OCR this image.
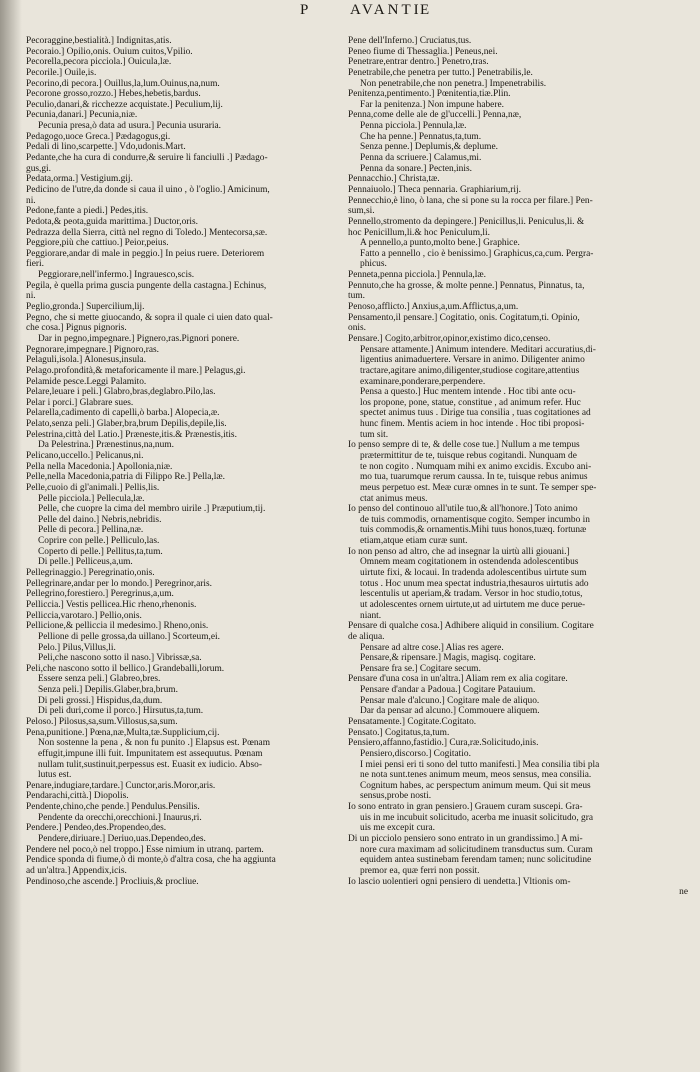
P	AVANTI
E
Pecoraggine,bestialità.] Indignitas,atis.
Pecoraio.] Opilio,onis. Ouium cuitos,Vpilio.
Pecorella,pecora picciola.] Ouicula,læ.
Pecorile.] Ouile,is.
Pecorino,di pecora.] Ouillus,la,lum.Ouinus,na,num.
Pecorone grosso,rozzo.] Hebes,hebetis,bardus.
Peculio,danari,& ricchezze acquistate.] Peculium,lij.
Pecunia,danari.] Pecunia,niæ.
Pecunia presa,ò data ad usura.] Pecunia usuraria.
Pedagogo,uoce Greca.] Pædagogus,gi.
Pedali di lino,scarpette.] Vdo,udonis.Mart.
Pedante,che ha cura di condurre,& seruire li fanciulli .] Pædago-
gus,gi.
Pedata,orma.] Vestigium.gij.
Pedicino de l'utre,da donde si caua il uino , ò l'oglio.] Amicinum,
ni.
Pedone,fante a piedi.] Pedes,itis.
Pedota,& peota,guida marittima.] Ductor,oris.
Pedrazza della Sierra, città nel regno di Toledo.] Mentecorsa,sæ.
Peggiore,più che cattiuo.] Peior,peius.
Peggiorare,andar di male in peggio.] In peius ruere. Deteriorem
fieri.
Peggiorare,nell'infermo.] Ingrauesco,scis.
Pegila, è quella prima guscia pungente della castagna.] Echinus,
ni.
Peglio,gronda.] Supercilium,lij.
Pegno, che si mette giuocando, & sopra il quale ci uien dato qual-
che cosa.] Pignus pignoris.
Dar in pegno,impegnare.] Pignero,ras.Pignori ponere.
Pegnorare,impegnare.] Pignoro,ras.
Pelaguli,isola.] Alonesus,insula.
Pelago.profondità,& metaforicamente il mare.] Pelagus,gi.
Pelamide pesce.Leggi Palamito.
Pelare,leuare i peli.] Glabro,bras,deglabro.Pilo,las.
Pelar i porci.] Glabrare sues.
Pelarella,cadimento di capelli,ò barba.] Alopecia,æ.
Pelato,senza peli.] Glaber,bra,brum Depilis,depile,lis.
Pelestrina,città del Latio.] Præneste,itis.& Prænestis,itis.
Da Pelestrina.] Prænestinus,na,num.
Pelicano,uccello.] Pelicanus,ni.
Pella nella Macedonia.] Apollonia,niæ.
Pelle,nella Macedonia,patria di Filippo Re.] Pella,læ.
Pelle,cuoio di gl'animali.] Pellis,lis.
Pelle picciola.] Pellecula,læ.
Pelle, che cuopre la cima del membro uirile .] Præputium,tij.
Pelle del daino.] Nebris,nebridis.
Pelle di pecora.] Pellina,næ.
Coprire con pelle.] Pelliculo,las.
Coperto di pelle.] Pellitus,ta,tum.
Di pelle.] Pelliceus,a,um.
Pellegrinaggio.] Peregrinatio,onis.
Pellegrinare,andar per lo mondo.] Peregrinor,aris.
Pellegrino,forestiero.] Peregrinus,a,um.
Pelliccia.] Vestis pellicea.Hic rheno,rhenonis.
Pelliccia,varotaro.] Pellio,onis.
Pellicione,& pelliccia il medesimo.] Rheno,onis.
Pellione di pelle grossa,da uillano.] Scorteum,ei.
Pelo.] Pilus,Villus,li.
Peli,che nascono sotto il naso.] Vibrissæ,sa.
Peli,che nascono sotto il bellico.] Grandeballi,lorum.
Essere senza peli.] Glabreo,bres.
Senza peli.] Depilis.Glaber,bra,brum.
Di peli grossi.] Hispidus,da,dum.
Di peli duri,come il porco.] Hirsutus,ta,tum.
Peloso.] Pilosus,sa,sum.Villosus,sa,sum.
Pena,punitione.] Pœna,næ,Multa,tæ.Supplicium,cij.
Non sostenne la pena , & non fu punito .] Elapsus est. Pœnam
effugit,impune illi fuit. Impunitatem est assequutus. Pœnam
nullam tulit,sustinuit,perpessus est. Euasit ex iudicio. Abso-
lutus est.
Penare,indugiare,tardare.] Cunctor,aris.Moror,aris.
Pendarachi,città.] Diopolis.
Pendente,chino,che pende.] Pendulus.Pensilis.
Pendente da orecchi,orecchioni.] Inaurus,ri.
Pendere.] Pendeo,des.Propendeo,des.
Pendere,diriuare.] Deriuo,uas.Dependeo,des.
Pendere nel poco,ò nel troppo.] Esse nimium in utranq. partem.
Pendice sponda di fiume,ò di monte,ò d'altra cosa, che ha aggiunta
ad un'altra.] Appendix,icis.
Pendinoso,che ascende.] Procliuis,& procliue.
Pene dell'Inferno.] Cruciatus,tus.
Peneo fiume di Thessaglia.] Peneus,nei.
Penetrare,entrar dentro.] Penetro,tras.
Penetrabile,che penetra per tutto.] Penetrabilis,le.
Non penetrabile,che non penetra.] Impenetrabilis.
Penitenza,pentimento.] Pœnitentia,tiæ.Plin.
Far la penitenza.] Non impune habere.
Penna,come delle ale de gl'uccelli.] Penna,næ,
Penna picciola.] Pennula,læ.
Che ha penne.] Pennatus,ta,tum.
Senza penne.] Deplumis,& deplume.
Penna da scriuere.] Calamus,mi.
Penna da sonare.] Pecten,inis.
Pennacchio.] Christa,tæ.
Pennaiuolo.] Theca pennaria. Graphiarium,rij.
Pennecchio,è lino, ò lana, che si pone su la rocca per filare.] Pen-
sum,si.
Pennello,stromento da depingere.] Penicillus,li. Peniculus,li. &
hoc Penicillum,li.& hoc Peniculum,li.
A pennello,a punto,molto bene.] Graphice.
Fatto a pennello , cio è benissimo.] Graphicus,ca,cum. Pergra-
phicus.
Penneta,penna picciola.] Pennula,læ.
Pennuto,che ha grosse, & molte penne.] Pennatus, Pinnatus, ta,
tum.
Penoso,afflicto.] Anxius,a,um.Afflictus,a,um.
Pensamento,il pensare.] Cogitatio, onis. Cogitatum,ti. Opinio,
onis.
Pensare.] Cogito,arbitror,opinor,existimo dico,censeo.
Pensare attamente.] Animum intendere. Meditari accuratius,di-
ligentius animaduertere. Versare in animo. Diligenter animo
tractare,agitare animo,diligenter,studiose cogitare,attentius
examinare,ponderare,perpendere.
Pensa a questo.] Huc mentem intende . Hoc tibi ante ocu-
los propone, pone, statue, constitue , ad animum refer. Huc
spectet animus tuus . Dirige tua consilia , tuas cogitationes ad
hunc finem. Mentis aciem in hoc intende . Hoc tibi proposi-
tum sit.
Io penso sempre di te, & delle cose tue.] Nullum a me tempus
prætermittitur de te, tuisque rebus cogitandi. Nunquam de
te non cogito . Numquam mihi ex animo excidis. Excubo ani-
mo tua, tuarumque rerum caussa. In te, tuisque rebus animus
meus perpetuo est. Meæ curæ omnes in te sunt. Te semper spe-
ctat animus meus.
Io penso del continouo all'utile tuo,& all'honore.] Toto animo
de tuis commodis, ornamentisque cogito. Semper incumbo in
tuis commodis,& ornamentis.Mihi tuus honos,tuæq. fortunæ
etiam,atque etiam curæ sunt.
Io non penso ad altro, che ad insegnar la uirtù alli giouani.]
Omnem meam cogitationem in ostendenda adolescentibus
uirtute fixi, & locaui. In tradenda adolescentibus uirtute sum
totus . Hoc unum mea spectat industria,thesauros uirtutis ado
lescentulis ut aperiam,& tradam. Versor in hoc studio,totus,
ut adolescentes ornem uirtute,ut ad uirtutem me duce perue-
niant.
Pensare di qualche cosa.] Adhibere aliquid in consilium. Cogitare
de aliqua.
Pensare ad altre cose.] Alias res agere.
Pensare,& ripensare.] Magis, magisq. cogitare.
Pensare fra se.] Cogitare secum.
Pensare d'una cosa in un'altra.] Aliam rem ex alia cogitare.
Pensare d'andar a Padoua.] Cogitare Patauium.
Pensar male d'alcuno.] Cogitare male de aliquo.
Dar da pensar ad alcuno.] Commouere aliquem.
Pensatamente.] Cogitate.Cogitato.
Pensato.] Cogitatus,ta,tum.
Pensiero,affanno,fastidio.] Cura,ræ.Solicitudo,inis.
Pensiero,discorso.] Cogitatio.
I miei pensi eri ti sono del tutto manifesti.] Mea consilia tibi pla
ne nota sunt.tenes animum meum, meos sensus, mea consilia.
Cognitum habes, ac perspectum animum meum. Qui sit meus
sensus,probe nosti.
Io sono entrato in gran pensiero.] Grauem curam suscepi. Gra-
uis in me incubuit solicitudo, acerba me inuasit solicitudo, gra
uis me excepit cura.
Di un picciolo pensiero sono entrato in un grandissimo.] A mi-
nore cura maximam ad solicitudinem transductus sum. Curam
equidem antea sustinebam ferendam tamen; nunc solicitudine
premor ea, quæ ferri non possit.
Io lascio uolentieri ogni pensiero di uendetta.] Vltionis om-
ne
